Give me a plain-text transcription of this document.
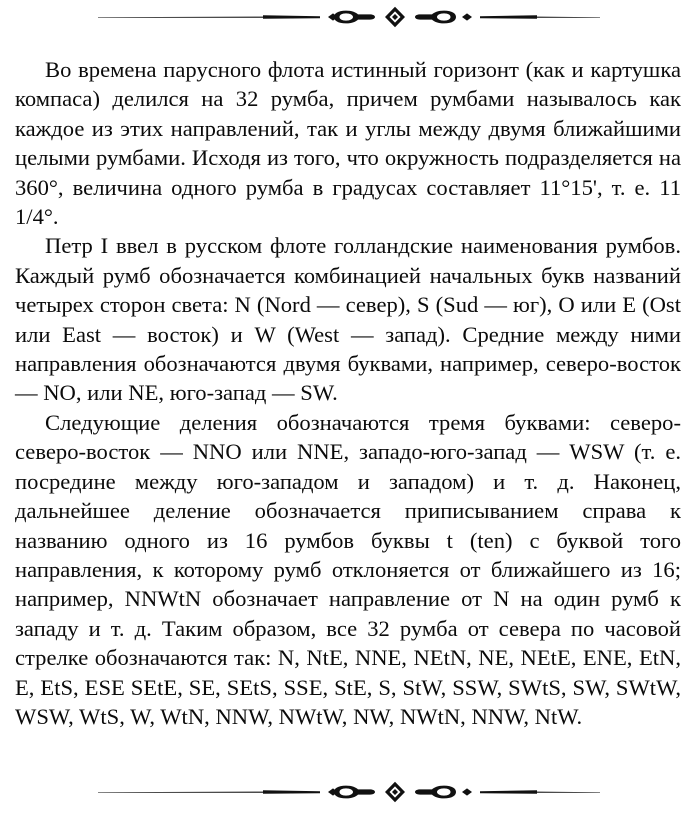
Во времена парусного флота истинный горизонт (как и картушка компаса) делился на 32 румба, причем румбами называлось как каждое из этих направлений, так и углы между двумя ближайшими целыми румбами. Исходя из того, что окружность подразделяется на 360°, величина одного румба в градусах составляет 11°15', т. е. 11 1/4°.

Петр I ввел в русском флоте голландские наименования румбов. Каждый румб обозначается комбинацией начальных букв названий четырех сторон света: N (Nord — север), S (Sud — юг), O или E (Ost или East — восток) и W (West — запад). Средние между ними направления обозначаются двумя буквами, например, северо-восток — NO, или NE, юго-запад — SW.

Следующие деления обозначаются тремя буквами: северо-северо-восток — NNO или NNE, западо-юго-запад — WSW (т. е. посредине между юго-западом и западом) и т. д. Наконец, дальнейшее деление обозначается приписыванием справа к названию одного из 16 румбов буквы t (ten) с буквой того направления, к которому румб отклоняется от ближайшего из 16; например, NNWtN обозначает направление от N на один румб к западу и т. д. Таким образом, все 32 румба от севера по часовой стрелке обозначаются так: N, NtE, NNE, NEtN, NE, NEtE, ENE, EtN, E, EtS, ESE SEtE, SE, SEtS, SSE, StE, S, StW, SSW, SWtS, SW, SWtW, WSW, WtS, W, WtN, NNW, NWtW, NW, NWtN, NNW, NtW.
